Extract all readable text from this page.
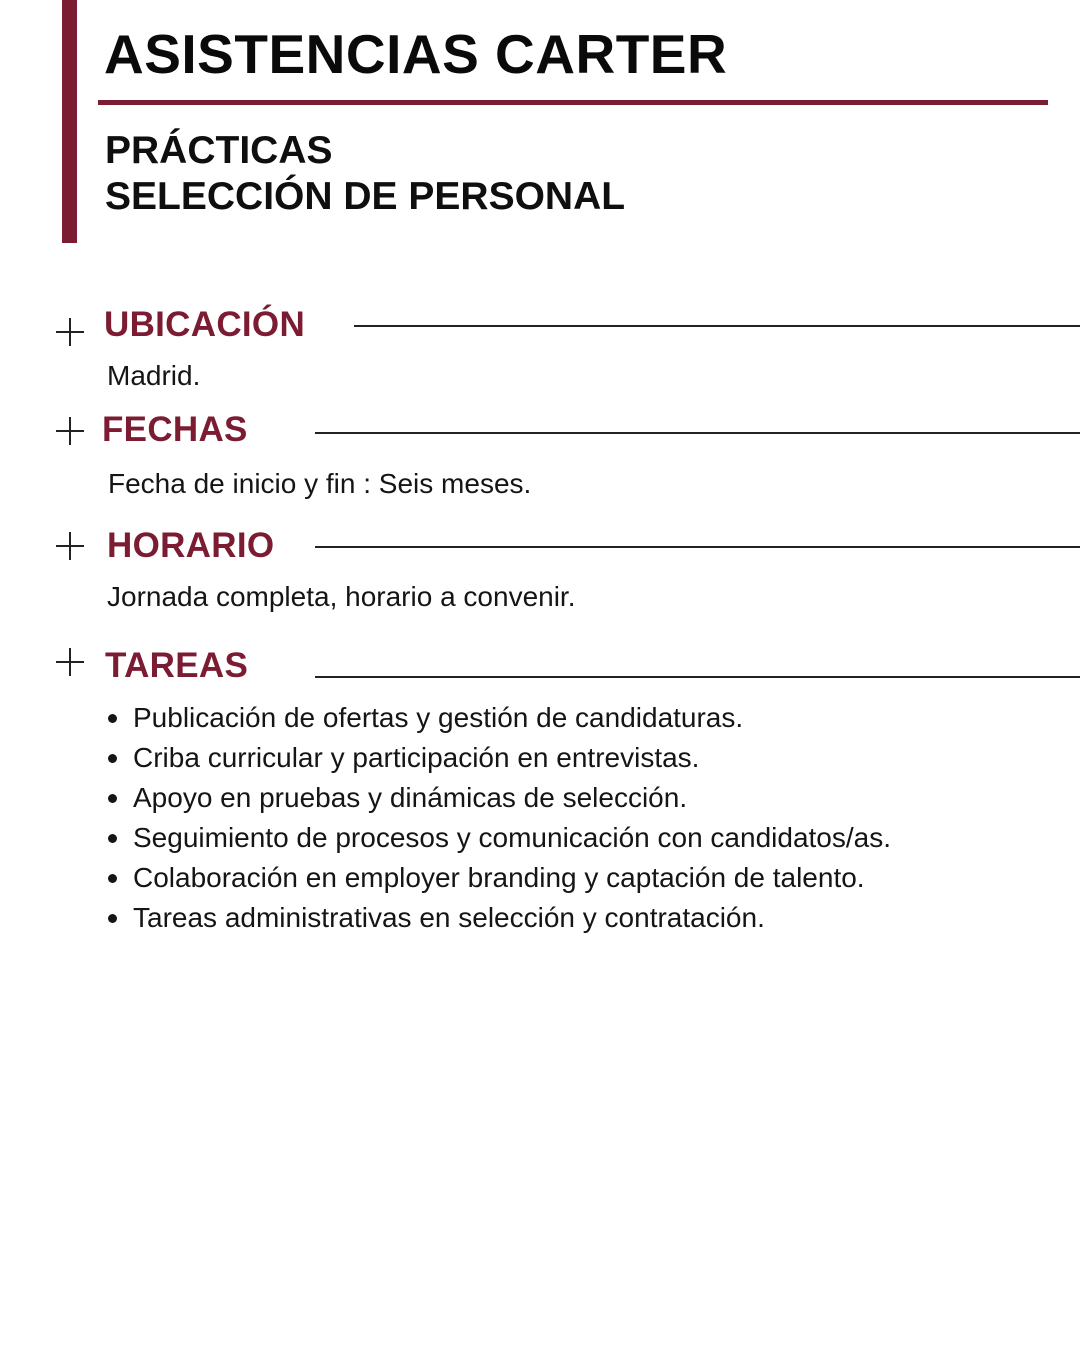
ASISTENCIAS CARTER
PRÁCTICAS
SELECCIÓN DE PERSONAL
UBICACIÓN
Madrid.
FECHAS
Fecha de inicio y fin : Seis meses.
HORARIO
Jornada completa, horario a convenir.
TAREAS
Publicación de ofertas y gestión de candidaturas.
Criba curricular y participación en entrevistas.
Apoyo en pruebas y dinámicas de selección.
Seguimiento de procesos y comunicación con candidatos/as.
Colaboración en employer branding y captación de talento.
Tareas administrativas en selección y contratación.
